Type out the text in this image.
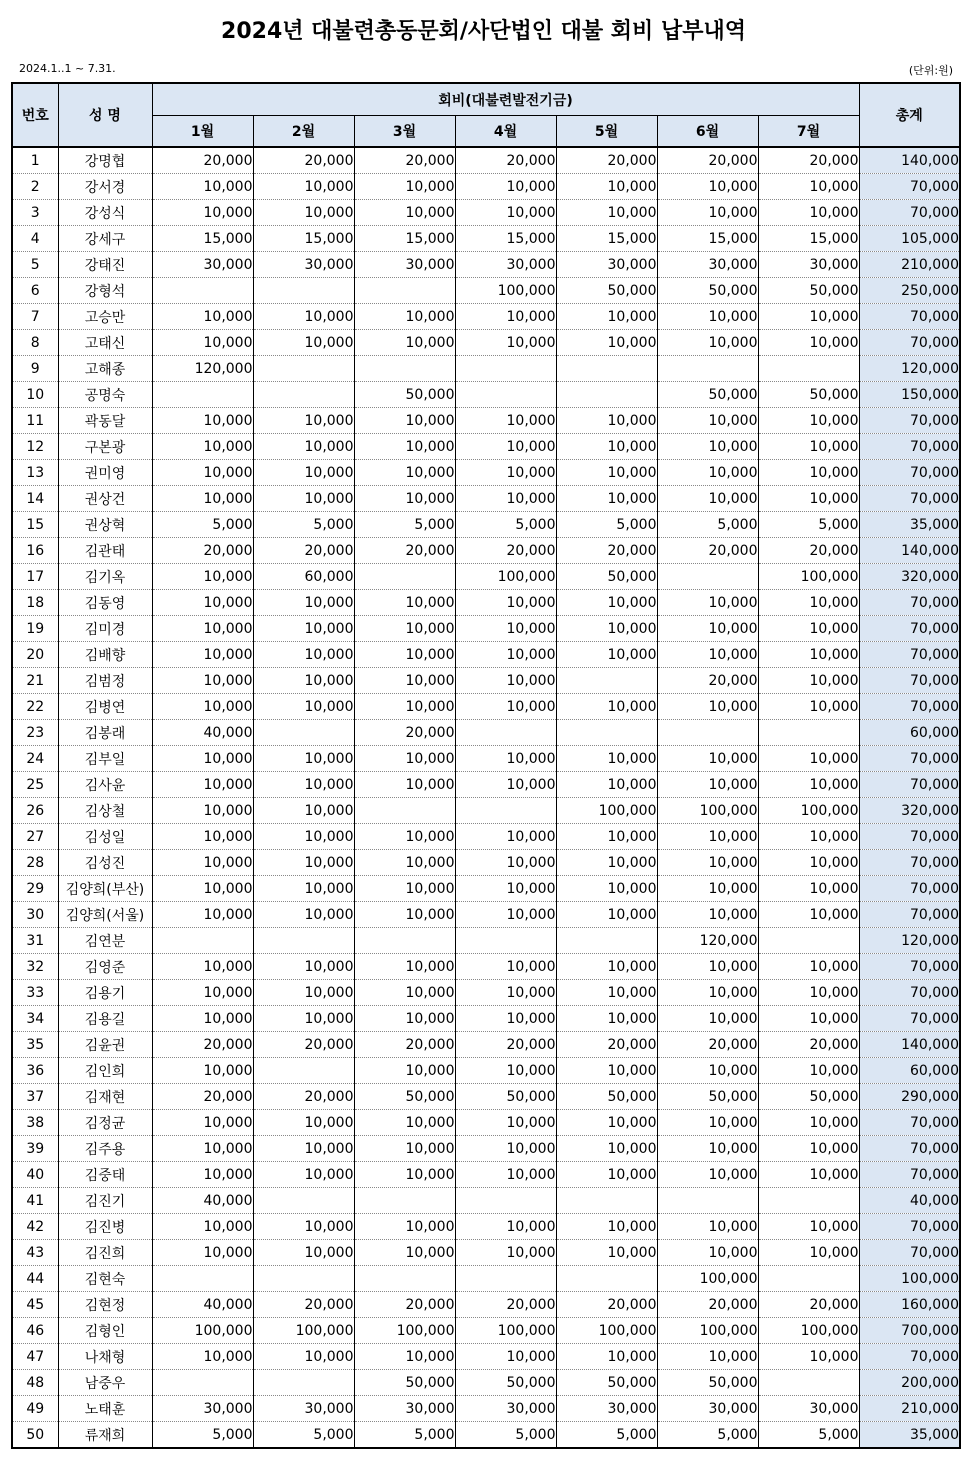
2024년 대불련총동문회/사단법인 대불 회비 납부내역
2024.1..1 ~ 7.31.	(단위:원)
번호	성 명	회비(대불련발전기금)							총계
		1월	2월	3월	4월	5월	6월	7월	
1	강명협	20,000	20,000	20,000	20,000	20,000	20,000	20,000	140,000
2	강서경	10,000	10,000	10,000	10,000	10,000	10,000	10,000	70,000
3	강성식	10,000	10,000	10,000	10,000	10,000	10,000	10,000	70,000
4	강세구	15,000	15,000	15,000	15,000	15,000	15,000	15,000	105,000
5	강태진	30,000	30,000	30,000	30,000	30,000	30,000	30,000	210,000
6	강형석				100,000	50,000	50,000	50,000	250,000
7	고승만	10,000	10,000	10,000	10,000	10,000	10,000	10,000	70,000
8	고태신	10,000	10,000	10,000	10,000	10,000	10,000	10,000	70,000
9	고해종	120,000							120,000
10	공명숙			50,000			50,000	50,000	150,000
11	곽동달	10,000	10,000	10,000	10,000	10,000	10,000	10,000	70,000
12	구본광	10,000	10,000	10,000	10,000	10,000	10,000	10,000	70,000
13	권미영	10,000	10,000	10,000	10,000	10,000	10,000	10,000	70,000
14	권상건	10,000	10,000	10,000	10,000	10,000	10,000	10,000	70,000
15	권상혁	5,000	5,000	5,000	5,000	5,000	5,000	5,000	35,000
16	김관태	20,000	20,000	20,000	20,000	20,000	20,000	20,000	140,000
17	김기옥	10,000	60,000		100,000	50,000		100,000	320,000
18	김동영	10,000	10,000	10,000	10,000	10,000	10,000	10,000	70,000
19	김미경	10,000	10,000	10,000	10,000	10,000	10,000	10,000	70,000
20	김배향	10,000	10,000	10,000	10,000	10,000	10,000	10,000	70,000
21	김범정	10,000	10,000	10,000	10,000		20,000	10,000	70,000
22	김병연	10,000	10,000	10,000	10,000	10,000	10,000	10,000	70,000
23	김봉래	40,000		20,000					60,000
24	김부일	10,000	10,000	10,000	10,000	10,000	10,000	10,000	70,000
25	김사윤	10,000	10,000	10,000	10,000	10,000	10,000	10,000	70,000
26	김상철	10,000	10,000			100,000	100,000	100,000	320,000
27	김성일	10,000	10,000	10,000	10,000	10,000	10,000	10,000	70,000
28	김성진	10,000	10,000	10,000	10,000	10,000	10,000	10,000	70,000
29	김양희(부산)	10,000	10,000	10,000	10,000	10,000	10,000	10,000	70,000
30	김양희(서울)	10,000	10,000	10,000	10,000	10,000	10,000	10,000	70,000
31	김연분						120,000		120,000
32	김영준	10,000	10,000	10,000	10,000	10,000	10,000	10,000	70,000
33	김용기	10,000	10,000	10,000	10,000	10,000	10,000	10,000	70,000
34	김용길	10,000	10,000	10,000	10,000	10,000	10,000	10,000	70,000
35	김윤권	20,000	20,000	20,000	20,000	20,000	20,000	20,000	140,000
36	김인희	10,000		10,000	10,000	10,000	10,000	10,000	60,000
37	김재현	20,000	20,000	50,000	50,000	50,000	50,000	50,000	290,000
38	김정균	10,000	10,000	10,000	10,000	10,000	10,000	10,000	70,000
39	김주용	10,000	10,000	10,000	10,000	10,000	10,000	10,000	70,000
40	김중태	10,000	10,000	10,000	10,000	10,000	10,000	10,000	70,000
41	김진기	40,000							40,000
42	김진병	10,000	10,000	10,000	10,000	10,000	10,000	10,000	70,000
43	김진희	10,000	10,000	10,000	10,000	10,000	10,000	10,000	70,000
44	김현숙						100,000		100,000
45	김현정	40,000	20,000	20,000	20,000	20,000	20,000	20,000	160,000
46	김형인	100,000	100,000	100,000	100,000	100,000	100,000	100,000	700,000
47	나채형	10,000	10,000	10,000	10,000	10,000	10,000	10,000	70,000
48	남중우			50,000	50,000	50,000	50,000		200,000
49	노태훈	30,000	30,000	30,000	30,000	30,000	30,000	30,000	210,000
50	류재희	5,000	5,000	5,000	5,000	5,000	5,000	5,000	35,000
